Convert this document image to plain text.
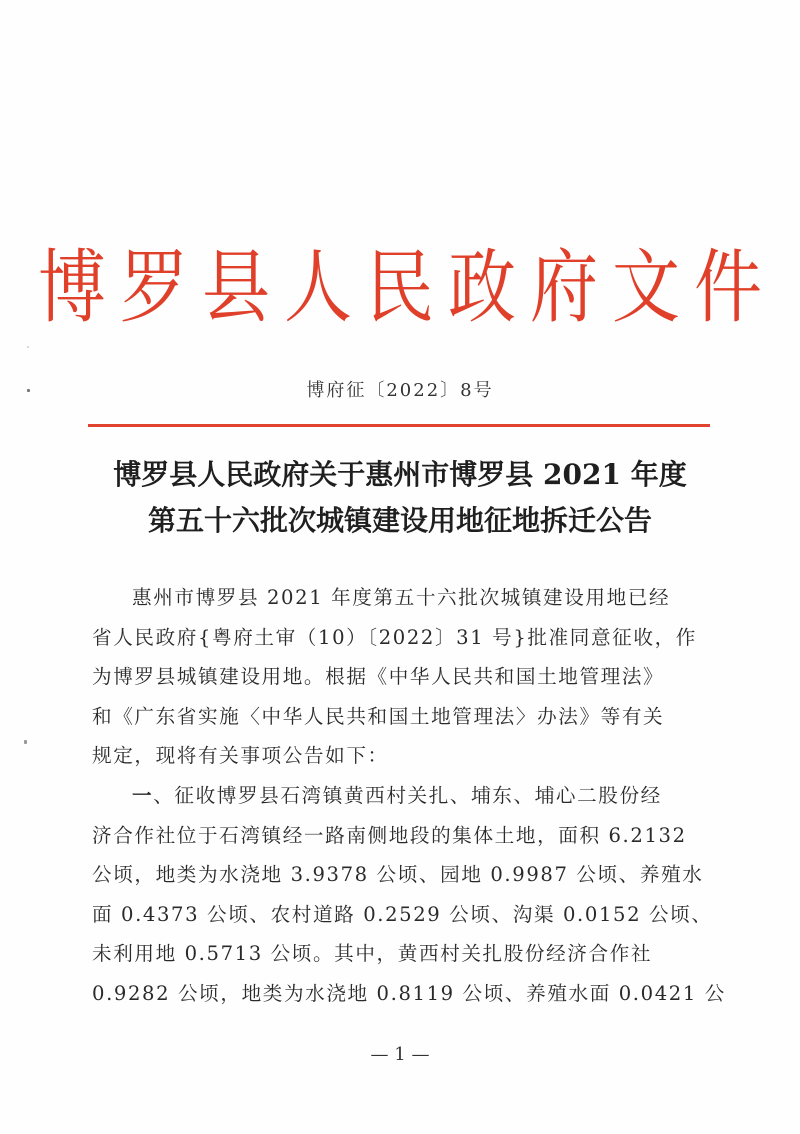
博罗县人民政府文件
博府征〔2022〕8号
博罗县人民政府关于惠州市博罗县 2021 年度
第五十六批次城镇建设用地征地拆迁公告
惠州市博罗县 2021 年度第五十六批次城镇建设用地已经
省人民政府{粤府土审（10）〔2022〕31 号}批准同意征收，作
为博罗县城镇建设用地。根据《中华人民共和国土地管理法》
和《广东省实施〈中华人民共和国土地管理法〉办法》等有关
规定，现将有关事项公告如下：
一、征收博罗县石湾镇黄西村关扎、埔东、埔心二股份经
济合作社位于石湾镇经一路南侧地段的集体土地，面积 6.2132
公顷，地类为水浇地 3.9378 公顷、园地 0.9987 公顷、养殖水
面 0.4373 公顷、农村道路 0.2529 公顷、沟渠 0.0152 公顷、
未利用地 0.5713 公顷。其中，黄西村关扎股份经济合作社
0.9282 公顷，地类为水浇地 0.8119 公顷、养殖水面 0.0421 公
— 1 —
